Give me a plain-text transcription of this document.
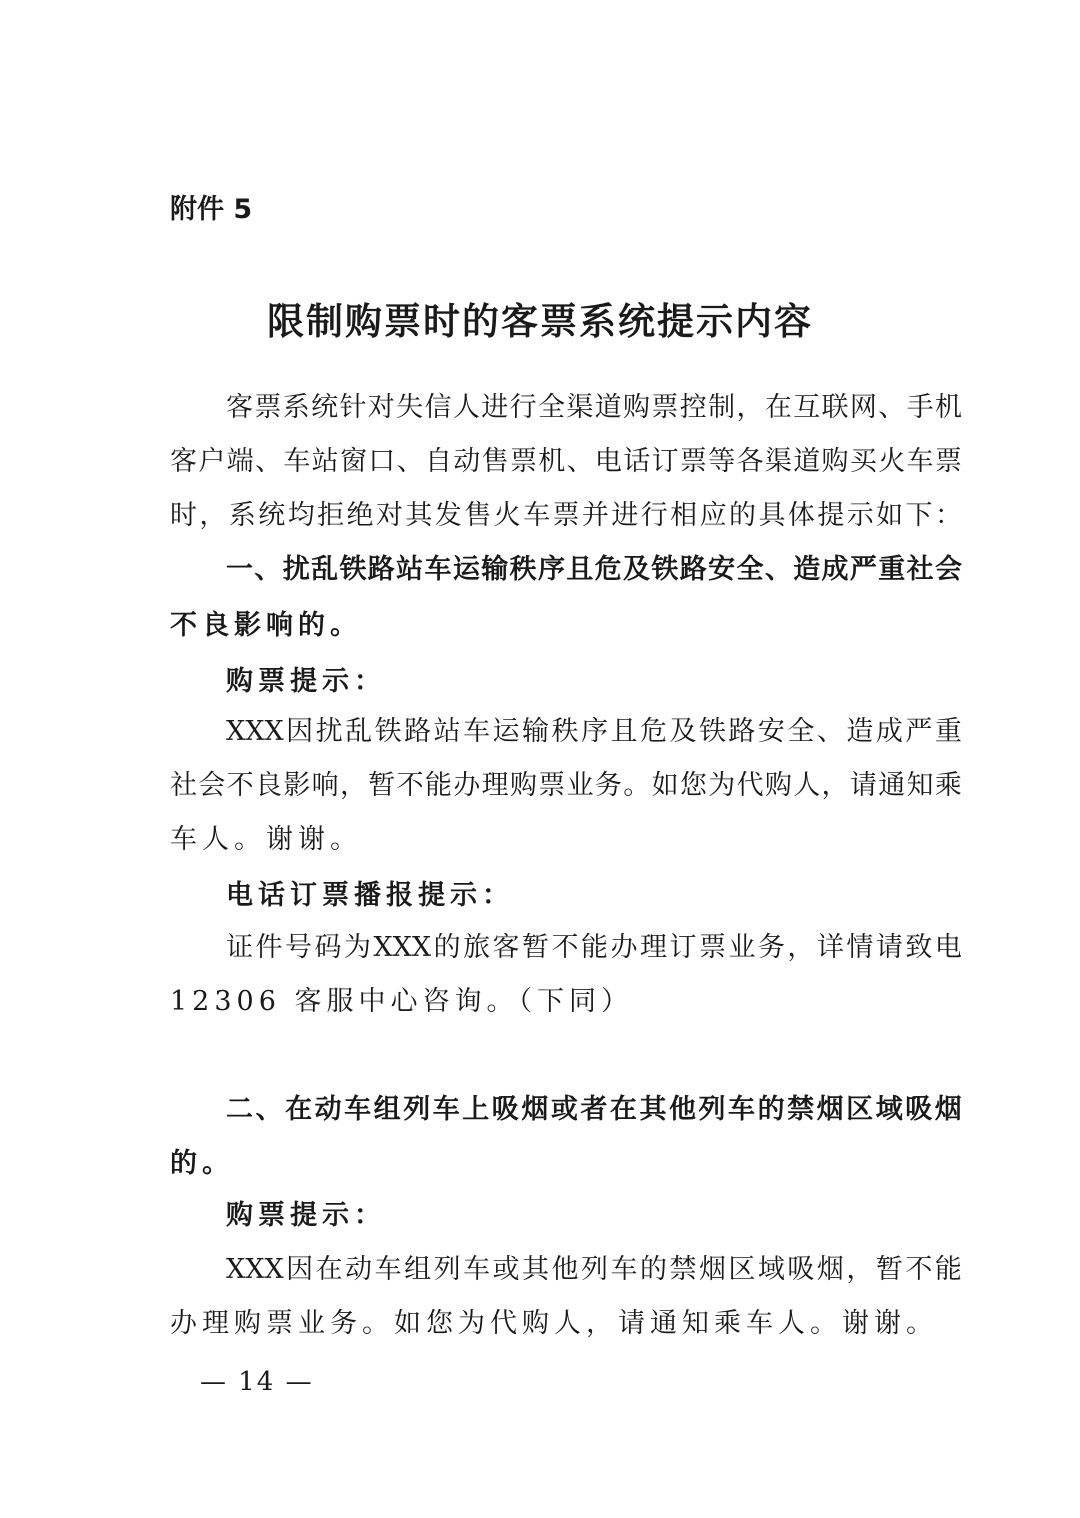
附件 5
限制购票时的客票系统提示内容
客 票 系 统 针 对 失 信 人 进 行 全 渠 道 购 票 控 制 ， 在 互 联 网 、 手 机
客 户 端 、 车 站 窗 口 、 自 动 售 票 机 、 电 话 订 票 等 各 渠 道 购 买 火 车 票
时 ， 系 统 均 拒 绝 对 其 发 售 火 车 票 并 进 行 相 应 的 具 体 提 示 如 下 ：
一 、 扰 乱 铁 路 站 车 运 输 秩 序 且 危 及 铁 路 安 全 、 造 成 严 重 社 会
不良影响的。
购票提示：
XXX 因 扰 乱 铁 路 站 车 运 输 秩 序 且 危 及 铁 路 安 全 、 造 成 严 重
社 会 不 良 影 响 ， 暂 不 能 办 理 购 票 业 务 。 如 您 为 代 购 人 ， 请 通 知 乘
车人。谢谢。
电话订票播报提示：
证 件 号 码 为 XXX 的 旅 客 暂 不 能 办 理 订 票 业 务 ， 详 情 请 致 电
12306 客服中心咨询。（下同）
二 、 在 动 车 组 列 车 上 吸 烟 或 者 在 其 他 列 车 的 禁 烟 区 域 吸 烟
的。
购票提示：
XXX 因 在 动 车 组 列 车 或 其 他 列 车 的 禁 烟 区 域 吸 烟 ， 暂 不 能
办理购票业务。如您为代购人，请通知乘车人。谢谢。
— 14 —
